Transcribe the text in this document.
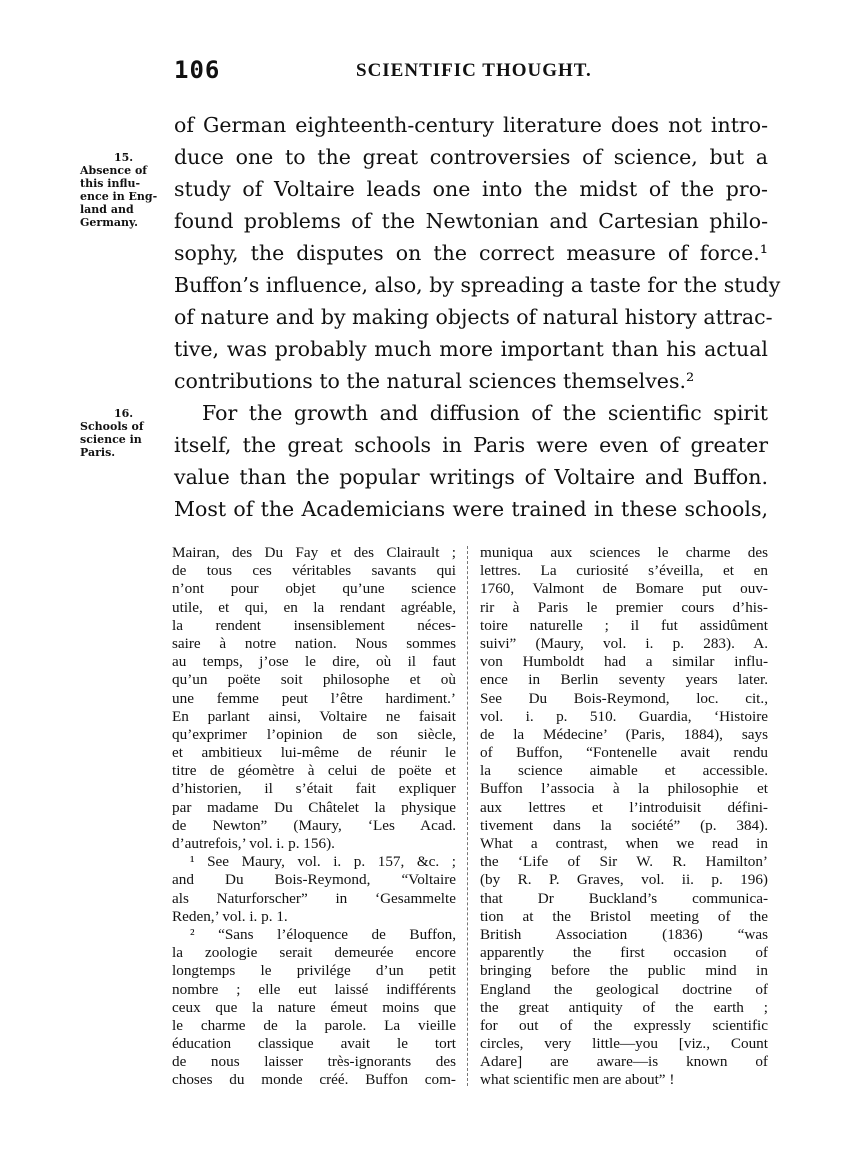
106	SCIENTIFIC THOUGHT.
15.
Absence of
this influ-
ence in Eng-
land and
Germany.
16.
Schools of
science in
Paris.
of German eighteenth-century literature does not intro-
duce one to the great controversies of science, but a
study of Voltaire leads one into the midst of the pro-
found problems of the Newtonian and Cartesian philo-
sophy, the disputes on the correct measure of force.¹
Buffon’s influence, also, by spreading a taste for the study
of nature and by making objects of natural history attrac-
tive, was probably much more important than his actual
contributions to the natural sciences themselves.²
For the growth and diffusion of the scientific spirit
itself, the great schools in Paris were even of greater
value than the popular writings of Voltaire and Buffon.
Most of the Academicians were trained in these schools,
Mairan, des Du Fay et des Clairault ;
de tous ces véritables savants qui
n’ont pour objet qu’une science
utile, et qui, en la rendant agréable,
la rendent insensiblement néces-
saire à notre nation. Nous sommes
au temps, j’ose le dire, où il faut
qu’un poëte soit philosophe et où
une femme peut l’être hardiment.’
En parlant ainsi, Voltaire ne faisait
qu’exprimer l’opinion de son siècle,
et ambitieux lui-même de réunir le
titre de géomètre à celui de poëte et
d’historien, il s’était fait expliquer
par madame Du Châtelet la physique
de Newton” (Maury, ‘Les Acad.
d’autrefois,’ vol. i. p. 156).
¹ See Maury, vol. i. p. 157, &c. ;
and Du Bois-Reymond, “Voltaire
als Naturforscher” in ‘Gesammelte
Reden,’ vol. i. p. 1.
² “Sans l’éloquence de Buffon,
la zoologie serait demeurée encore
longtemps le privilége d’un petit
nombre ; elle eut laissé indifférents
ceux que la nature émeut moins que
le charme de la parole. La vieille
éducation classique avait le tort
de nous laisser très-ignorants des
choses du monde créé. Buffon com-
muniqua aux sciences le charme des
lettres. La curiosité s’éveilla, et en
1760, Valmont de Bomare put ouv-
rir à Paris le premier cours d’his-
toire naturelle ; il fut assidûment
suivi” (Maury, vol. i. p. 283). A.
von Humboldt had a similar influ-
ence in Berlin seventy years later.
See Du Bois-Reymond, loc. cit.,
vol. i. p. 510. Guardia, ‘Histoire
de la Médecine’ (Paris, 1884), says
of Buffon, “Fontenelle avait rendu
la science aimable et accessible.
Buffon l’associa à la philosophie et
aux lettres et l’introduisit défini-
tivement dans la société” (p. 384).
What a contrast, when we read in
the ‘Life of Sir W. R. Hamilton’
(by R. P. Graves, vol. ii. p. 196)
that Dr Buckland’s communica-
tion at the Bristol meeting of the
British Association (1836) “was
apparently the first occasion of
bringing before the public mind in
England the geological doctrine of
the great antiquity of the earth ;
for out of the expressly scientific
circles, very little—you [viz., Count
Adare] are aware—is known of
what scientific men are about” !
